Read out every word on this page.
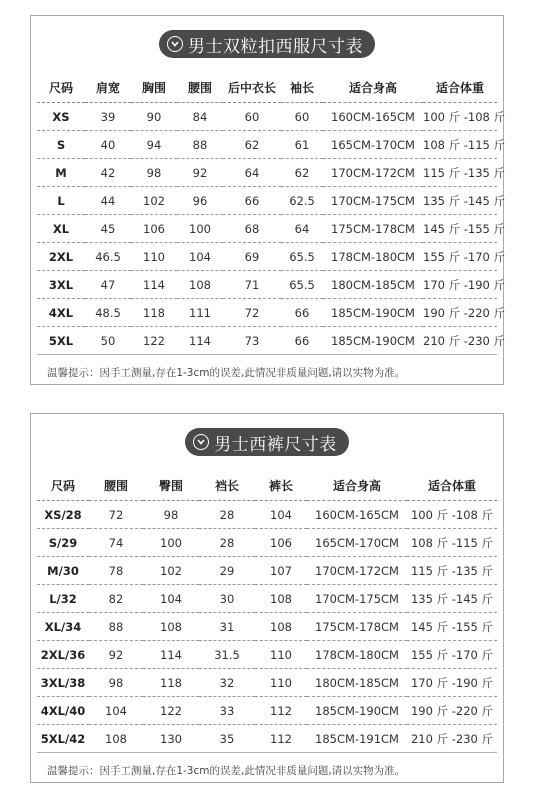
男士双粒扣西服尺寸表
尺码	肩宽	胸围	腰围	后中衣长	袖长	适合身高	适合体重
XS	39	90	84	60	60	160CM-165CM	100 斤 -108 斤
S	40	94	88	62	61	165CM-170CM	108 斤 -115 斤
M	42	98	92	64	62	170CM-172CM	115 斤 -135 斤
L	44	102	96	66	62.5	170CM-175CM	135 斤 -145 斤
XL	45	106	100	68	64	175CM-178CM	145 斤 -155 斤
2XL	46.5	110	104	69	65.5	178CM-180CM	155 斤 -170 斤
3XL	47	114	108	71	65.5	180CM-185CM	170 斤 -190 斤
4XL	48.5	118	111	72	66	185CM-190CM	190 斤 -220 斤
5XL	50	122	114	73	66	185CM-190CM	210 斤 -230 斤
温馨提示：因手工测量,存在1-3cm的误差,此情况非质量问题,请以实物为准。
男士西裤尺寸表
尺码	腰围	臀围	裆长	裤长	适合身高	适合体重
XS/28	72	98	28	104	160CM-165CM	100 斤 -108 斤
S/29	74	100	28	106	165CM-170CM	108 斤 -115 斤
M/30	78	102	29	107	170CM-172CM	115 斤 -135 斤
L/32	82	104	30	108	170CM-175CM	135 斤 -145 斤
XL/34	88	108	31	108	175CM-178CM	145 斤 -155 斤
2XL/36	92	114	31.5	110	178CM-180CM	155 斤 -170 斤
3XL/38	98	118	32	110	180CM-185CM	170 斤 -190 斤
4XL/40	104	122	33	112	185CM-190CM	190 斤 -220 斤
5XL/42	108	130	35	112	185CM-191CM	210 斤 -230 斤
温馨提示：因手工测量,存在1-3cm的误差,此情况非质量问题,请以实物为准。
